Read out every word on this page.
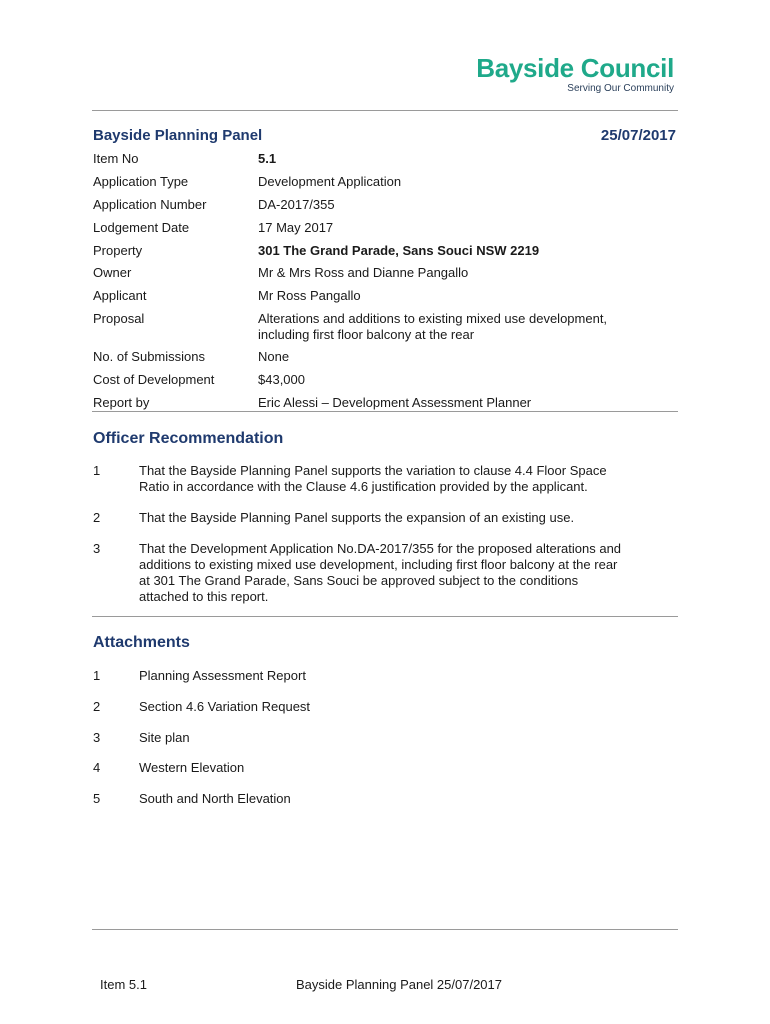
Bayside Council
Serving Our Community
Bayside Planning Panel	25/07/2017
Item No	5.1
Application Type	Development Application
Application Number	DA-2017/355
Lodgement Date	17 May 2017
Property	301 The Grand Parade, Sans Souci NSW 2219
Owner	Mr & Mrs Ross and Dianne Pangallo
Applicant	Mr Ross Pangallo
Proposal	Alterations and additions to existing mixed use development,
including first floor balcony at the rear
No. of Submissions	None
Cost of Development	$43,000
Report by	Eric Alessi – Development Assessment Planner
Officer Recommendation
1	That the Bayside Planning Panel supports the variation to clause 4.4 Floor Space
Ratio in accordance with the Clause 4.6 justification provided by the applicant.
2	That the Bayside Planning Panel supports the expansion of an existing use.
3	That the Development Application No.DA-2017/355 for the proposed alterations and
additions to existing mixed use development, including first floor balcony at the rear
at 301 The Grand Parade, Sans Souci be approved subject to the conditions
attached to this report.
Attachments
1	Planning Assessment Report
2	Section 4.6 Variation Request
3	Site plan
4	Western Elevation
5	South and North Elevation
Item 5.1	Bayside Planning Panel 25/07/2017
